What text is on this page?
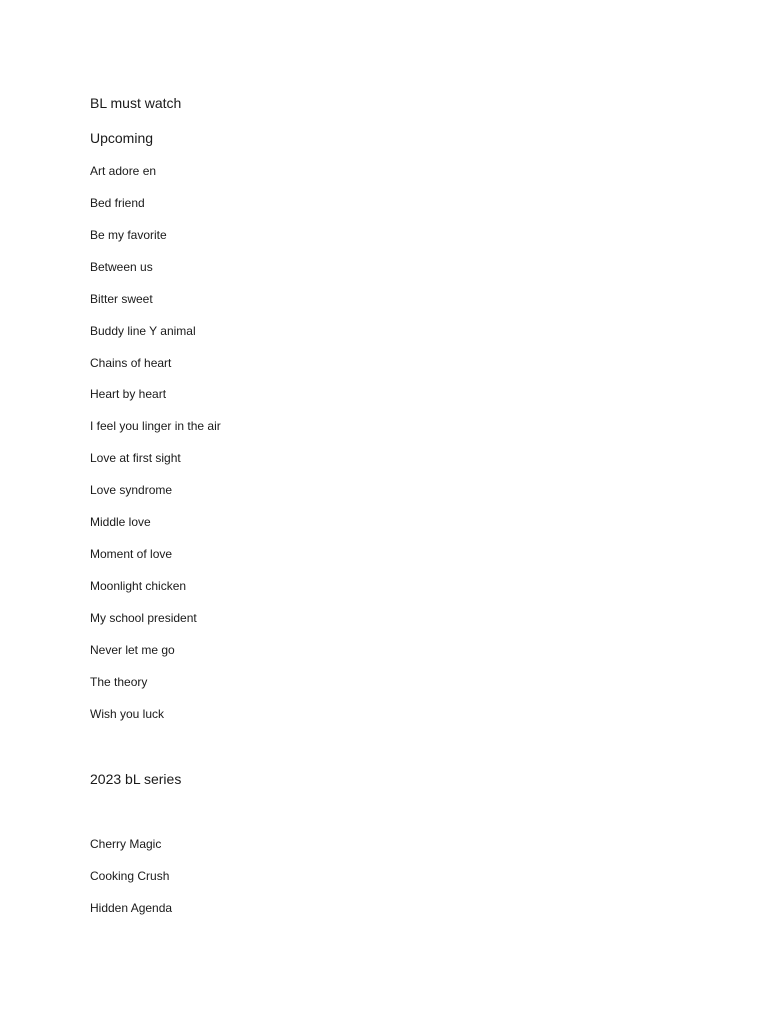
BL must watch
Upcoming
Art adore en
Bed friend
Be my favorite
Between us
Bitter sweet
Buddy line Y animal
Chains of heart
Heart by heart
I feel you linger in the air
Love at first sight
Love syndrome
Middle love
Moment of love
Moonlight chicken
My school president
Never let me go
The theory
Wish you luck
2023 bL series
Cherry Magic
Cooking Crush
Hidden Agenda
